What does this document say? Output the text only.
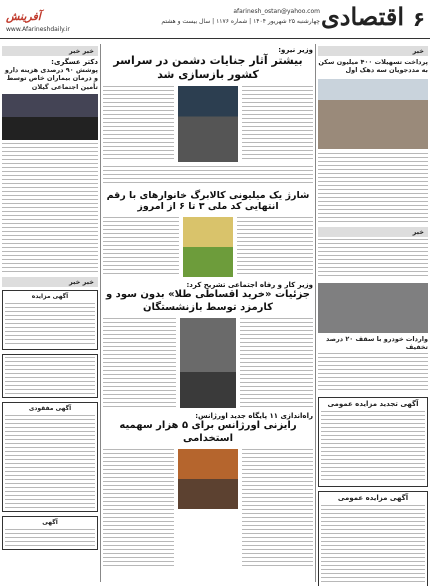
۶
اقتصادی
afarinesh_ostan@yahoo.com
چهارشنبه ۲۵ شهریور ۱۴۰۴ | شماره ۱۱۷۶ | سال بیست و هشتم
آفرینش
www.Afarineshdaily.ir
خبر
پرداخت تسهیلات ۴۰۰ میلیون سکن به مددجویان سه دهک اول
خبر
واردات خودرو با سقف ۲۰ درصد تخفیف
آگهی تجدید مزایده عمومی
آگهی مزایده عمومی
وزیر نیرو:
بیشتر آثار جنایات دشمن در سراسر کشور بازسازی شد
شارژ یک میلیونی کالابرگ خانوارهای با رقم انتهایی کد ملی ۳ تا ۶ از امروز
وزیر کار و رفاه اجتماعی تشریح کرد:
جزئیات «خرید اقساطی طلا» بدون سود و کارمزد توسط بازنشستگان
راه‌اندازی ۱۱ پایگاه جدید اورژانس:
رایزنی اورژانس برای ۵ هزار سهمیه استخدامی
خبر خبر
دکتر عسگری:
پوشش ۹۰ درصدی هزینه دارو و درمان بیماران خاص توسط تأمین اجتماعی گیلان
خبر خبر
آگهی مزایده
آگهی مفقودی
آگهی
